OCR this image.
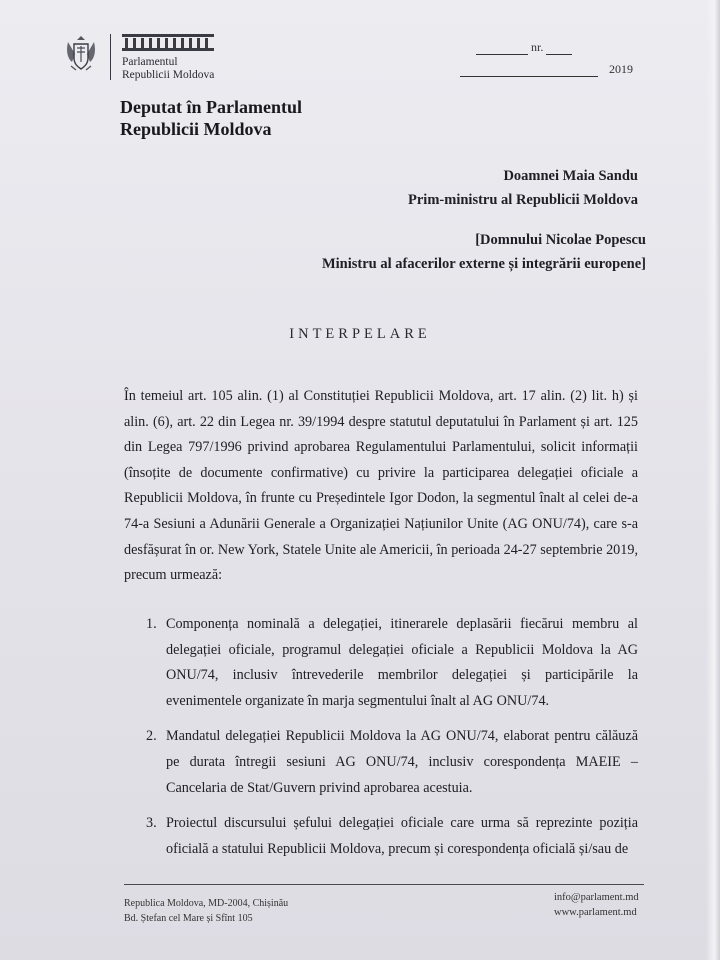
Parlamentul
Republicii Moldova
nr.
2019
Deputat în Parlamentul
Republicii Moldova
Doamnei Maia Sandu
Prim-ministru al Republicii Moldova
[Domnului Nicolae Popescu
Ministru al afacerilor externe și integrării europene]
INTERPELARE
În temeiul art. 105 alin. (1) al Constituției Republicii Moldova, art. 17 alin. (2) lit. h) și alin. (6), art. 22 din Legea nr. 39/1994 despre statutul deputatului în Parlament și art. 125 din Legea 797/1996 privind aprobarea Regulamentului Parlamentului, solicit informații (însoțite de documente confirmative) cu privire la participarea delegației oficiale a Republicii Moldova, în frunte cu Președintele Igor Dodon, la segmentul înalt al celei de-a 74-a Sesiuni a Adunării Generale a Organizației Națiunilor Unite (AG ONU/74), care s-a desfășurat în or. New York, Statele Unite ale Americii, în perioada 24-27 septembrie 2019, precum urmează:
1. Componența nominală a delegației, itinerarele deplasării fiecărui membru al delegației oficiale, programul delegației oficiale a Republicii Moldova la AG ONU/74, inclusiv întrevederile membrilor delegației și participările la evenimentele organizate în marja segmentului înalt al AG ONU/74.
2. Mandatul delegației Republicii Moldova la AG ONU/74, elaborat pentru călăuză pe durata întregii sesiuni AG ONU/74, inclusiv corespondența MAEIE – Cancelaria de Stat/Guvern privind aprobarea acestuia.
3. Proiectul discursului șefului delegației oficiale care urma să reprezinte poziția oficială a statului Republicii Moldova, precum și corespondența oficială și/sau de
Republica Moldova, MD-2004, Chișinău
Bd. Ștefan cel Mare și Sfînt 105
info@parlament.md
www.parlament.md
